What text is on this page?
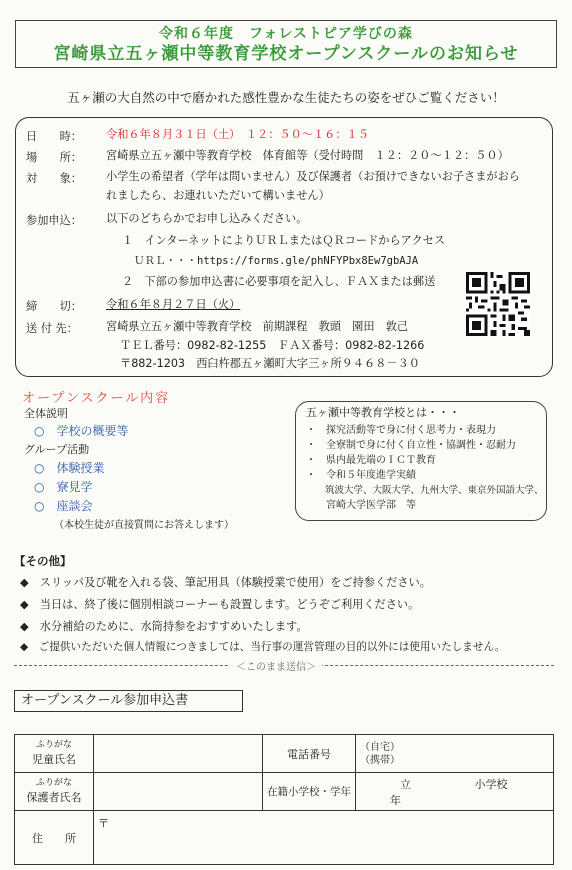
令和６年度　フォレストピア学びの森
宮崎県立五ヶ瀬中等教育学校オープンスクールのお知らせ
五ヶ瀬の大自然の中で磨かれた感性豊かな生徒たちの姿をぜひご覧ください！
日　　時： 令和６年８月３１日（土）　１２：５０～１６：１５
場　　所： 宮崎県立五ヶ瀬中等教育学校　体育館等（受付時間　１２：２０～１２：５０）
対　　象： 小学生の希望者（学年は問いません）及び保護者（お預けできないお子さまがおら
れましたら、お連れいただいて構いません）
参加申込： 以下のどちらかでお申し込みください。
１　インターネットによりＵＲＬまたはＱＲコードからアクセス
ＵＲＬ・・・https://forms.gle/phNFYPbx8Ew7gbAJA
２　下部の参加申込書に必要事項を記入し、ＦＡＸまたは郵送
締　　切： 令和６年８月２７日（火）
送 付 先：	宮崎県立五ヶ瀬中等教育学校　前期課程　教頭　園田　敦己
ＴＥＬ番号：0982-82-1255 ＦＡＸ番号：0982-82-1266
〒882-1203　西臼杵郡五ヶ瀬町大字三ヶ所９４６８－３０
オープンスクール内容
全体説明
○　学校の概要等
グループ活動
○　体験授業
○　寮見学
○　座談会
（本校生徒が直接質問にお答えします）
五ヶ瀬中等教育学校とは・・・
・　探究活動等で身に付く思考力・表現力
・　全寮制で身に付く自立性・協調性・忍耐力
・　県内最先端のＩＣＴ教育
・　令和５年度進学実績
　　筑波大学、大阪大学、九州大学、東京外国語大学、
　　宮崎大学医学部　等
【その他】
◆　スリッパ及び靴を入れる袋、筆記用具（体験授業で使用）をご持参ください。
◆　当日は、終了後に個別相談コーナーも設置します。どうぞご利用ください。
◆　水分補給のために、水筒持参をおすすめいたします。
◆　ご提供いただいた個人情報につきましては、当行事の運営管理の目的以外には使用いたしません。
＜このまま送信＞
オープンスクール参加申込書
ふりがな
児童氏名		電話番号	（自宅）
（携帯）

ふりがな
保護者氏名		在籍小学校・学年	立 小学校 年
住　　所	〒		
